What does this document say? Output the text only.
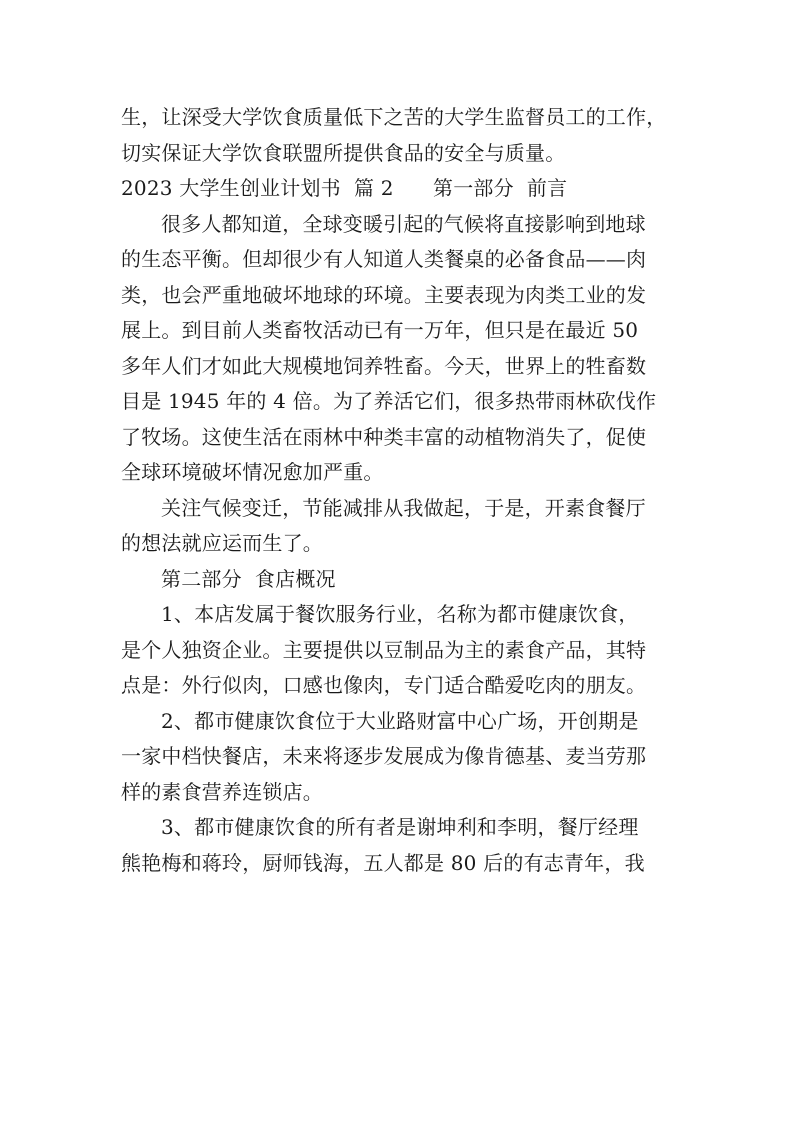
生，让深受大学饮食质量低下之苦的大学生监督员工的工作，
切实保证大学饮食联盟所提供食品的安全与质量。
2023 大学生创业计划书  篇 2      第一部分  前言
很多人都知道，全球变暖引起的气候将直接影响到地球
的生态平衡。但却很少有人知道人类餐桌的必备食品——肉
类，也会严重地破坏地球的环境。主要表现为肉类工业的发
展上。到目前人类畜牧活动已有一万年，但只是在最近 50
多年人们才如此大规模地饲养牲畜。今天，世界上的牲畜数
目是 1945 年的 4 倍。为了养活它们，很多热带雨林砍伐作
了牧场。这使生活在雨林中种类丰富的动植物消失了，促使
全球环境破坏情况愈加严重。
关注气候变迁，节能减排从我做起，于是，开素食餐厅
的想法就应运而生了。
第二部分  食店概况
1、本店发属于餐饮服务行业，名称为都市健康饮食，
是个人独资企业。主要提供以豆制品为主的素食产品，其特
点是：外行似肉，口感也像肉，专门适合酷爱吃肉的朋友。
2、都市健康饮食位于大业路财富中心广场，开创期是
一家中档快餐店，未来将逐步发展成为像肯德基、麦当劳那
样的素食营养连锁店。
3、都市健康饮食的所有者是谢坤利和李明，餐厅经理
熊艳梅和蒋玲，厨师钱海，五人都是 80 后的有志青年，我
